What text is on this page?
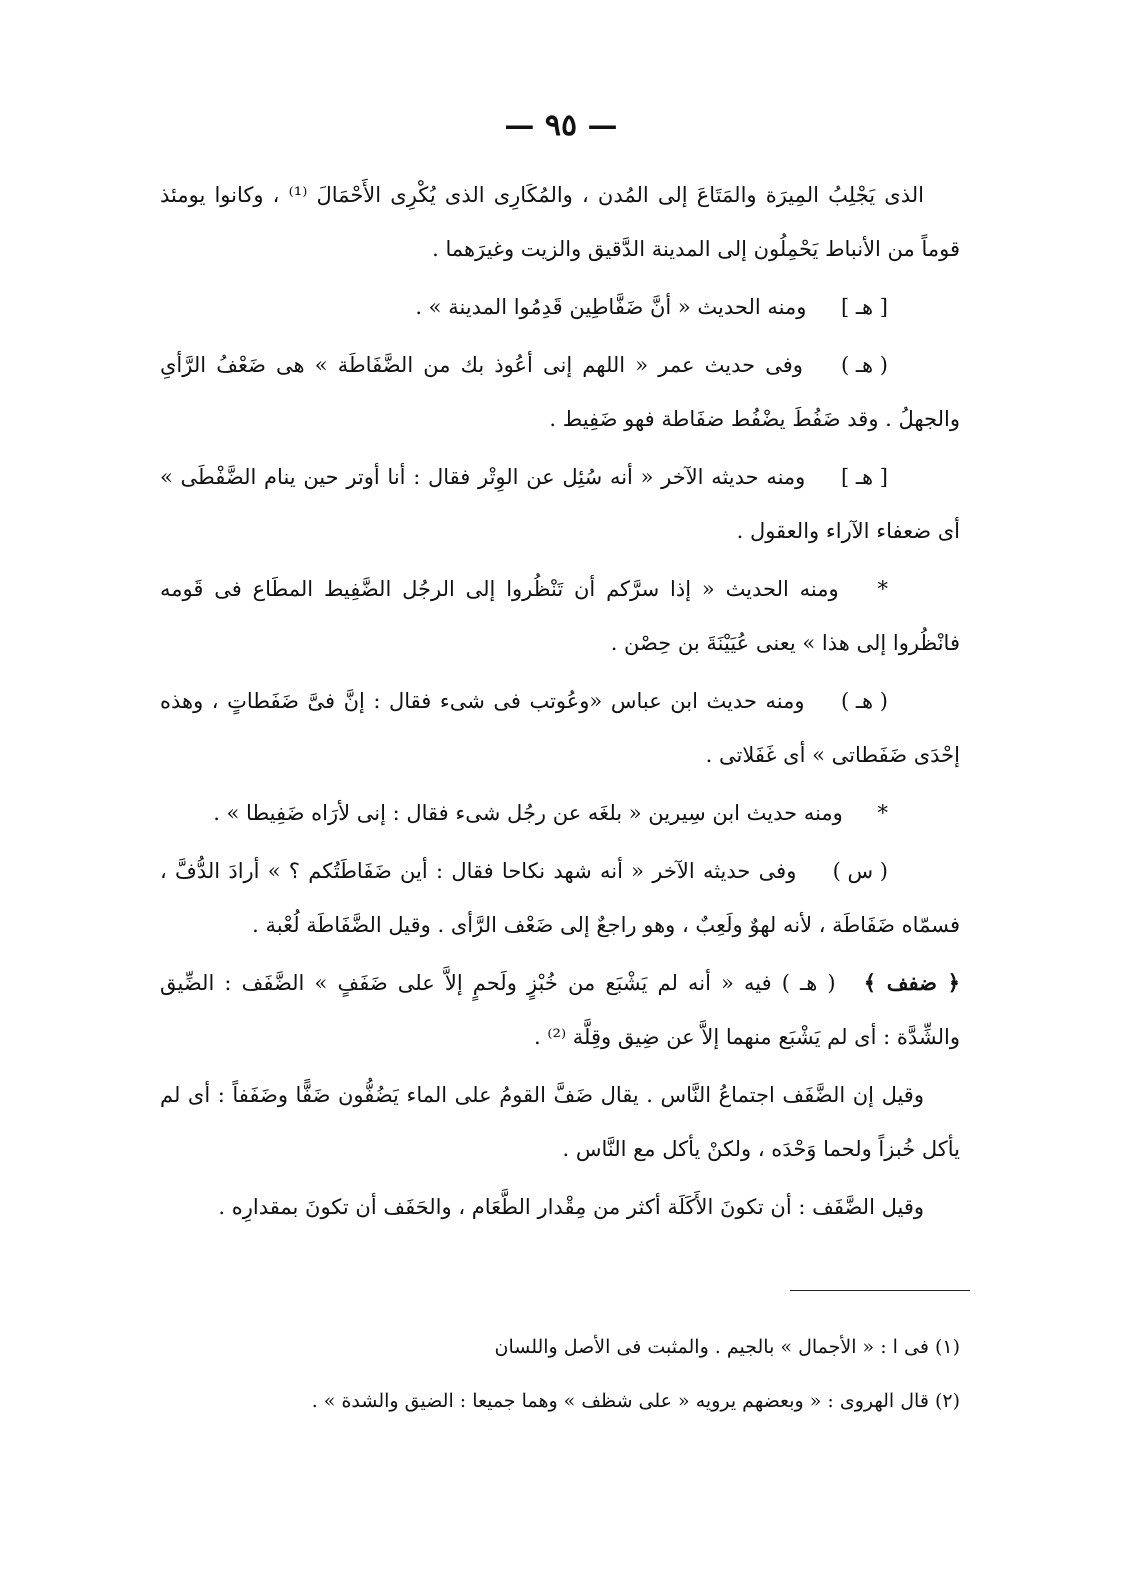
— ٩٥ —

الذى يَجْلِبُ المِيرَة والمَتَاعَ إلى المُدن ، والمُكَارِى الذى يُكْرِى الأَحْمَالَ ⁽¹⁾ ، وكانوا يومئذ قوماً من الأنباط يَحْمِلُون إلى المدينة الدَّقيق والزيت وغيرَهما .

[ هـ ] ومنه الحديث « أنَّ ضَفَّاطِين قَدِمُوا المدينة » .

( هـ ) وفى حديث عمر « اللهم إنى أعُوذ بك من الضَّفَاطَة » هى ضَعْفُ الرَّأىِ والجهلُ . وقد ضَفُطَ يضْفُط ضفَاطة فهو ضَفِيط .

[ هـ ] ومنه حديثه الآخر « أنه سُئِل عن الوِتْر فقال : أنا أوتر حين ينام الضَّفْطَى » أى ضعفاء الآراء والعقول .

* ومنه الحديث « إذا سرَّكم أن تَنْظُروا إلى الرجُل الضَّفِيط المطَاع فى قَومه فانْظُروا إلى هذا » يعنى عُيَيْنَةَ بن حِصْن .

( هـ ) ومنه حديث ابن عباس «وعُوتب فى شىء فقال : إنَّ فىَّ ضَفَطاتٍ ، وهذه إحْدَى ضَفَطاتى » أى غَفَلاتى .

* ومنه حديث ابن سِيرين « بلغَه عن رجُل شىء فقال : إنى لأرَاه ضَفِيطا » .

( س ) وفى حديثه الآخر « أنه شهد نكاحا فقال : أين ضَفَاطَتُكم ؟ » أرادَ الدُّفَّ ، فسمّاه ضَفَاطَة ، لأنه لهوٌ ولَعِبٌ ، وهو راجعٌ إلى ضَعْف الرَّأى . وقيل الضَّفَاطَة لُعْبة .

﴿ ضفف ﴾ ( هـ ) فيه « أنه لم يَشْبَع من خُبْزٍ ولَحمٍ إلاَّ على ضَفَفٍ » الضَّفَف : الضِّيق والشِّدَّة : أى لم يَشْبَع منهما إلاَّ عن ضِيق وقِلَّة ⁽²⁾ .

وقيل إن الضَّفَف اجتماعُ النَّاس . يقال ضَفَّ القومُ على الماء يَضُفُّون ضَفًّا وضَفَفاً : أى لم يأكل خُبزاً ولحما وَحْدَه ، ولكنْ يأكل مع النَّاس .

وقيل الضَّفَف : أن تكونَ الأَكَلَة أكثر من مِقْدار الطَّعَام ، والحَفَف أن تكونَ بمقدارِه .

(١) فى ا : « الأجمال » بالجيم . والمثبت فى الأصل واللسان

(٢) قال الهروى : « وبعضهم يرويه « على شظف » وهما جميعا : الضيق والشدة » .
